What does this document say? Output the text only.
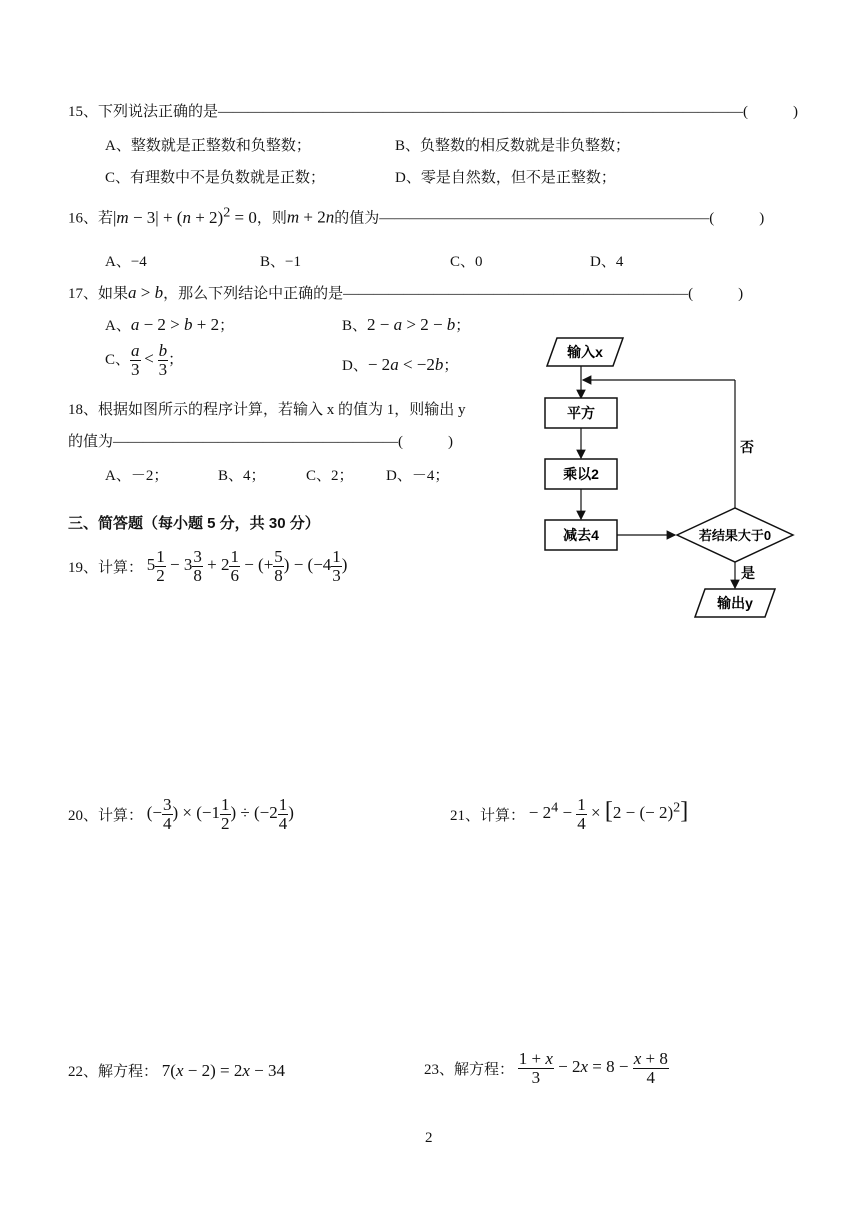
15、下列说法正确的是———————————————————————————————————(　　　)
A、整数就是正整数和负整数；	B、负整数的相反数就是非负整数；
C、有理数中不是负数就是正数；	D、零是自然数，但不是正整数；
16、若$|m - 3| + (n + 2)^2 = 0$，则m + 2n的值为——————————————————————(　　　)
A、−4	B、−1	C、0	D、4
17、如果a > b，那么下列结论中正确的是———————————————————————(　　　)
A、a − 2 > b + 2；	B、2 − a > 2 − b；
C、 $\frac{a}{3} < \frac{b}{3}$ ；	D、− 2a < −2b；
18、根据如图所示的程序计算，若输入 x 的值为 1，则输出 y
的值为———————————————————(　　　)
A、－2；	B、4；	C、2； D、－4；
输入x
平方
乘以2
减去4	若结果大于0
否
是
输出y
三、简答题（每小题 5 分，共 30 分）
19、计算： $5 \frac{1}{2} - 3 \frac{3}{8} + 2 \frac{1}{6}$ − (+ $\frac{5}{8}$ ) − ($-4 \frac{1}{3}$ )
20、计算： (− $\frac{3}{4}$ ) × ($-1 \frac{1}{2}$ ) ÷ ($-2 \frac{1}{4}$ )	21、计算： − $2^4 - \frac{1}{4} \times [2$ − (− 2)$^2$]
22、解方程： 7(x − 2) = 2x − 34	23、解方程： $\frac{1 + x}{3} - 2x = 8 - \frac{x + 8}{4}$
2
